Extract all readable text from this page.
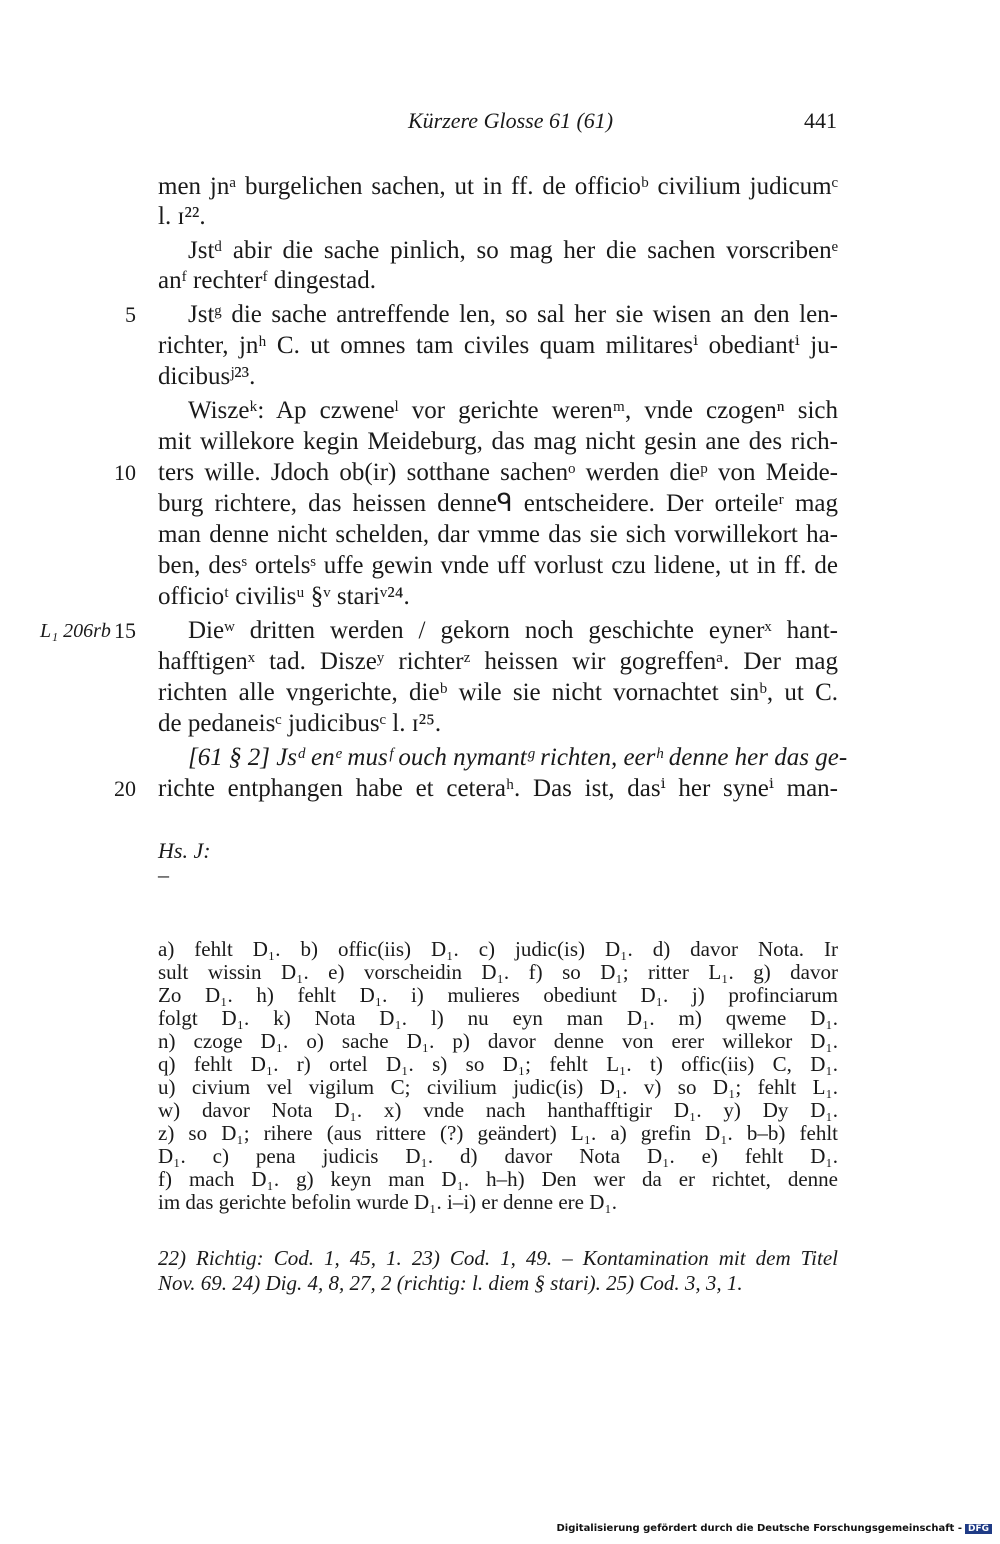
Kürzere Glosse 61 (61)	441
men jnᵃ burgelichen sachen, ut in ff. de officioᵇ civilium judicumᶜ
l. ɪ²².
Jstᵈ abir die sache pinlich, so mag her die sachen vorscribenᵉ
anᶠ rechterᶠ dingestad.
Jstᵍ die sache antreffende len, so sal her sie wisen an den len-
richter, jnʰ C. ut omnes tam civiles quam militaresⁱ obediantⁱ ju-
dicibusʲ²³.
Wiszeᵏ: Ap czweneˡ vor gerichte werenᵐ, vnde czogenⁿ sich
mit willekore kegin Meideburg, das mag nicht gesin ane des rich-
ters wille. Jdoch ob(ir) sotthane sachenᵒ werden dieᵖ von Meide-
burg richtere, das heissen denneᑫ entscheidere. Der orteileʳ mag
man denne nicht schelden, dar vmme das sie sich vorwillekort ha-
ben, desˢ ortelsˢ uffe gewin vnde uff vorlust czu lidene, ut in ff. de
officioᵗ civilisᵘ §ᵛ stariᵛ²⁴.
Dieʷ dritten werden / gekorn noch geschichte eynerˣ hant-
hafftigenˣ tad. Diszeʸ richterᶻ heissen wir gogreffenᵃ. Der mag
richten alle vngerichte, dieᵇ wile sie nicht vornachtet sinᵇ, ut C.
de pedaneisᶜ judicibusᶜ l. ɪ²⁵.
[61 § 2] Jsᵈ enᵉ musᶠ ouch nymantᵍ richten, eerʰ denne her das ge-
richte entphangen habe et ceteraʰ. Das ist, dasⁱ her syneⁱ man-
5
10
15
20
L₁ 206rb
Hs. J:
–
a) fehlt D₁. b) offic(iis) D₁. c) judic(is) D₁. d) davor Nota. Ir
sult wissin D₁. e) vorscheidin D₁. f) so D₁; ritter L₁. g) davor
Zo D₁. h) fehlt D₁. i) mulieres obediunt D₁. j) profinciarum
folgt D₁. k) Nota D₁. l) nu eyn man D₁. m) qweme D₁.
n) czoge D₁. o) sache D₁. p) davor denne von erer willekor D₁.
q) fehlt D₁. r) ortel D₁. s) so D₁; fehlt L₁. t) offic(iis) C, D₁.
u) civium vel vigilum C; civilium judic(is) D₁. v) so D₁; fehlt L₁.
w) davor Nota D₁. x) vnde nach hanthafftigir D₁. y) Dy D₁.
z) so D₁; rihere (aus rittere (?) geändert) L₁. a) grefin D₁. b–b) fehlt
D₁. c) pena judicis D₁. d) davor Nota D₁. e) fehlt D₁.
f) mach D₁. g) keyn man D₁. h–h) Den wer da er richtet, denne
im das gerichte befolin wurde D₁. i–i) er denne ere D₁.
22) Richtig: Cod. 1, 45, 1. 23) Cod. 1, 49. – Kontamination mit dem Titel
Nov. 69. 24) Dig. 4, 8, 27, 2 (richtig: l. diem § stari). 25) Cod. 3, 3, 1.
Digitalisierung gefördert durch die Deutsche Forschungsgemeinschaft - DFG
